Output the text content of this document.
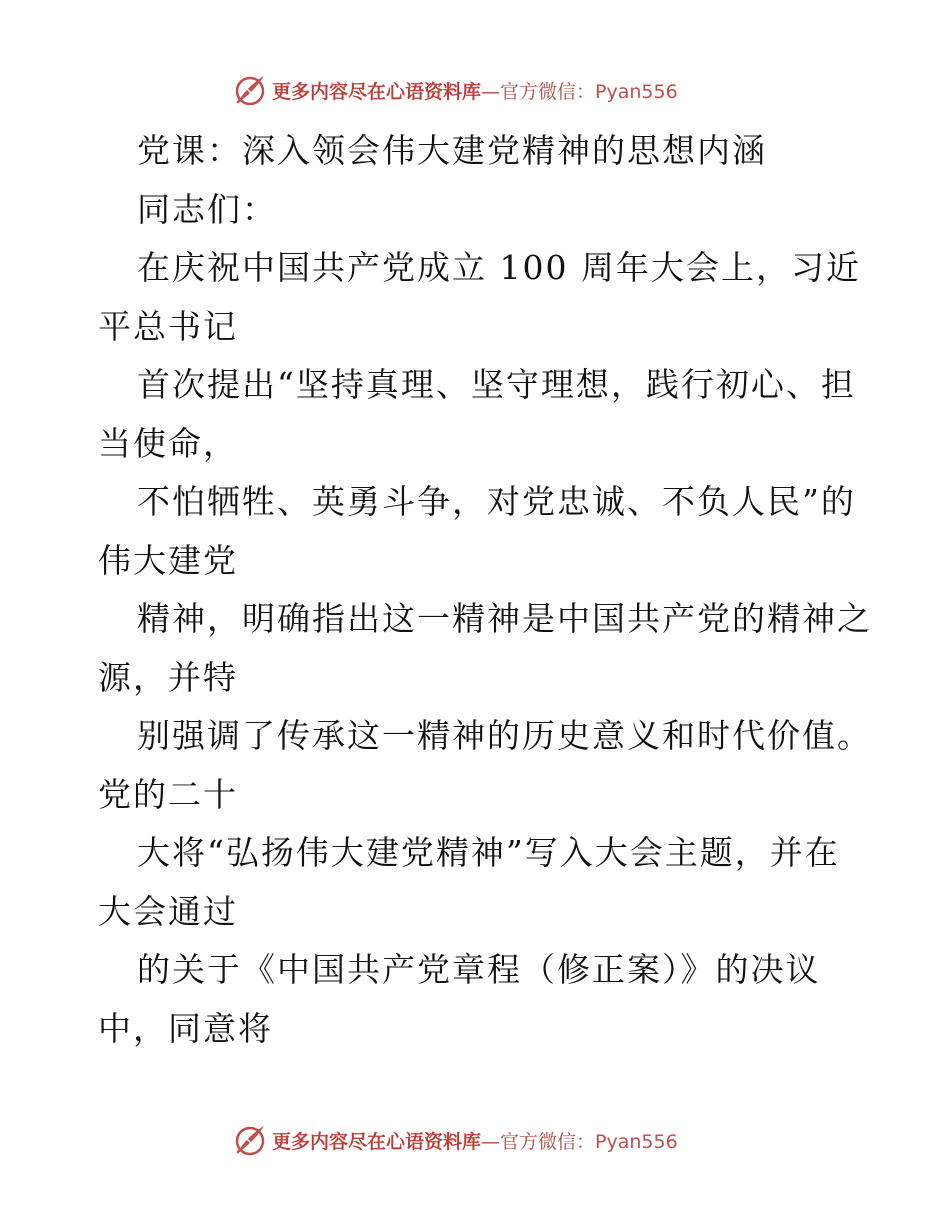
更多内容尽在心语资料库—官方微信：Pyan556
党课：深入领会伟大建党精神的思想内涵
同志们：
在庆祝中国共产党成立 100 周年大会上，习近
平总书记
首次提出“坚持真理、坚守理想，践行初心、担
当使命，
不怕牺牲、英勇斗争，对党忠诚、不负人民”的
伟大建党
精神，明确指出这一精神是中国共产党的精神之
源，并特
别强调了传承这一精神的历史意义和时代价值。
党的二十
大将“弘扬伟大建党精神”写入大会主题，并在
大会通过
的关于《中国共产党章程（修正案）》的决议
中，同意将
更多内容尽在心语资料库—官方微信：Pyan556
